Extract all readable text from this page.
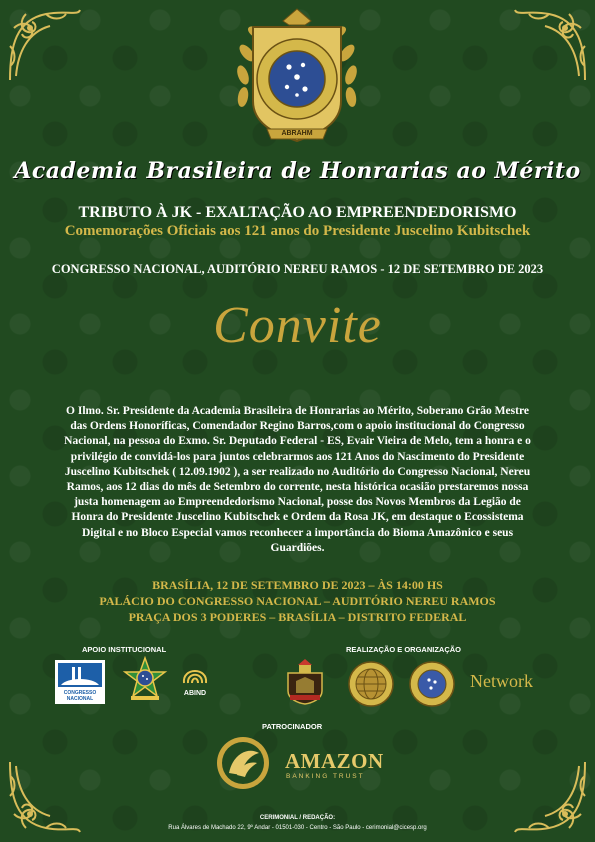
ABRAHM
Academia Brasileira de Honrarias ao Mérito
TRIBUTO À JK - EXALTAÇÃO AO EMPREENDEDORISMO
Comemorações Oficiais aos 121 anos do Presidente Juscelino Kubitschek
CONGRESSO NACIONAL, AUDITÓRIO NEREU RAMOS - 12 DE SETEMBRO DE 2023
Convite

O Ilmo. Sr. Presidente da Academia Brasileira de Honrarias ao Mérito, Soberano Grão Mestre das Ordens Honoríficas, Comendador Regino Barros,com o apoio institucional do Congresso Nacional, na pessoa do Exmo. Sr. Deputado Federal - ES, Evair Vieira de Melo, tem a honra e o privilégio de convidá-los para juntos celebrarmos aos 121 Anos do Nascimento do Presidente Juscelino Kubitschek ( 12.09.1902 ), a ser realizado no Auditório do Congresso Nacional, Nereu Ramos, aos 12 dias do mês de Setembro do corrente, nesta histórica ocasião prestaremos nossa justa homenagem ao Empreendedorismo Nacional, posse dos Novos Membros da Legião de Honra do Presidente Juscelino Kubitschek e Ordem da Rosa JK, em destaque o Ecossistema Digital e no Bloco Especial vamos reconhecer a importância do Bioma Amazônico e seus Guardiões.

BRASÍLIA, 12 DE SETEMBRO DE 2023 – ÀS 14:00 HS
PALÁCIO DO CONGRESSO NACIONAL – AUDITÓRIO NEREU RAMOS
PRAÇA DOS 3 PODERES – BRASÍLIA – DISTRITO FEDERAL
APOIO INSTITUCIONAL
CONGRESSO NACIONAL
ABIND
REALIZAÇÃO E ORGANIZAÇÃO
Network
PATROCINADOR
AMAZON
BANKING TRUST
CERIMONIAL / REDAÇÃO:
Rua Álvares de Machado 22, 9º Andar - 01501-030 - Centro - São Paulo - cerimonial@cicesp.org
